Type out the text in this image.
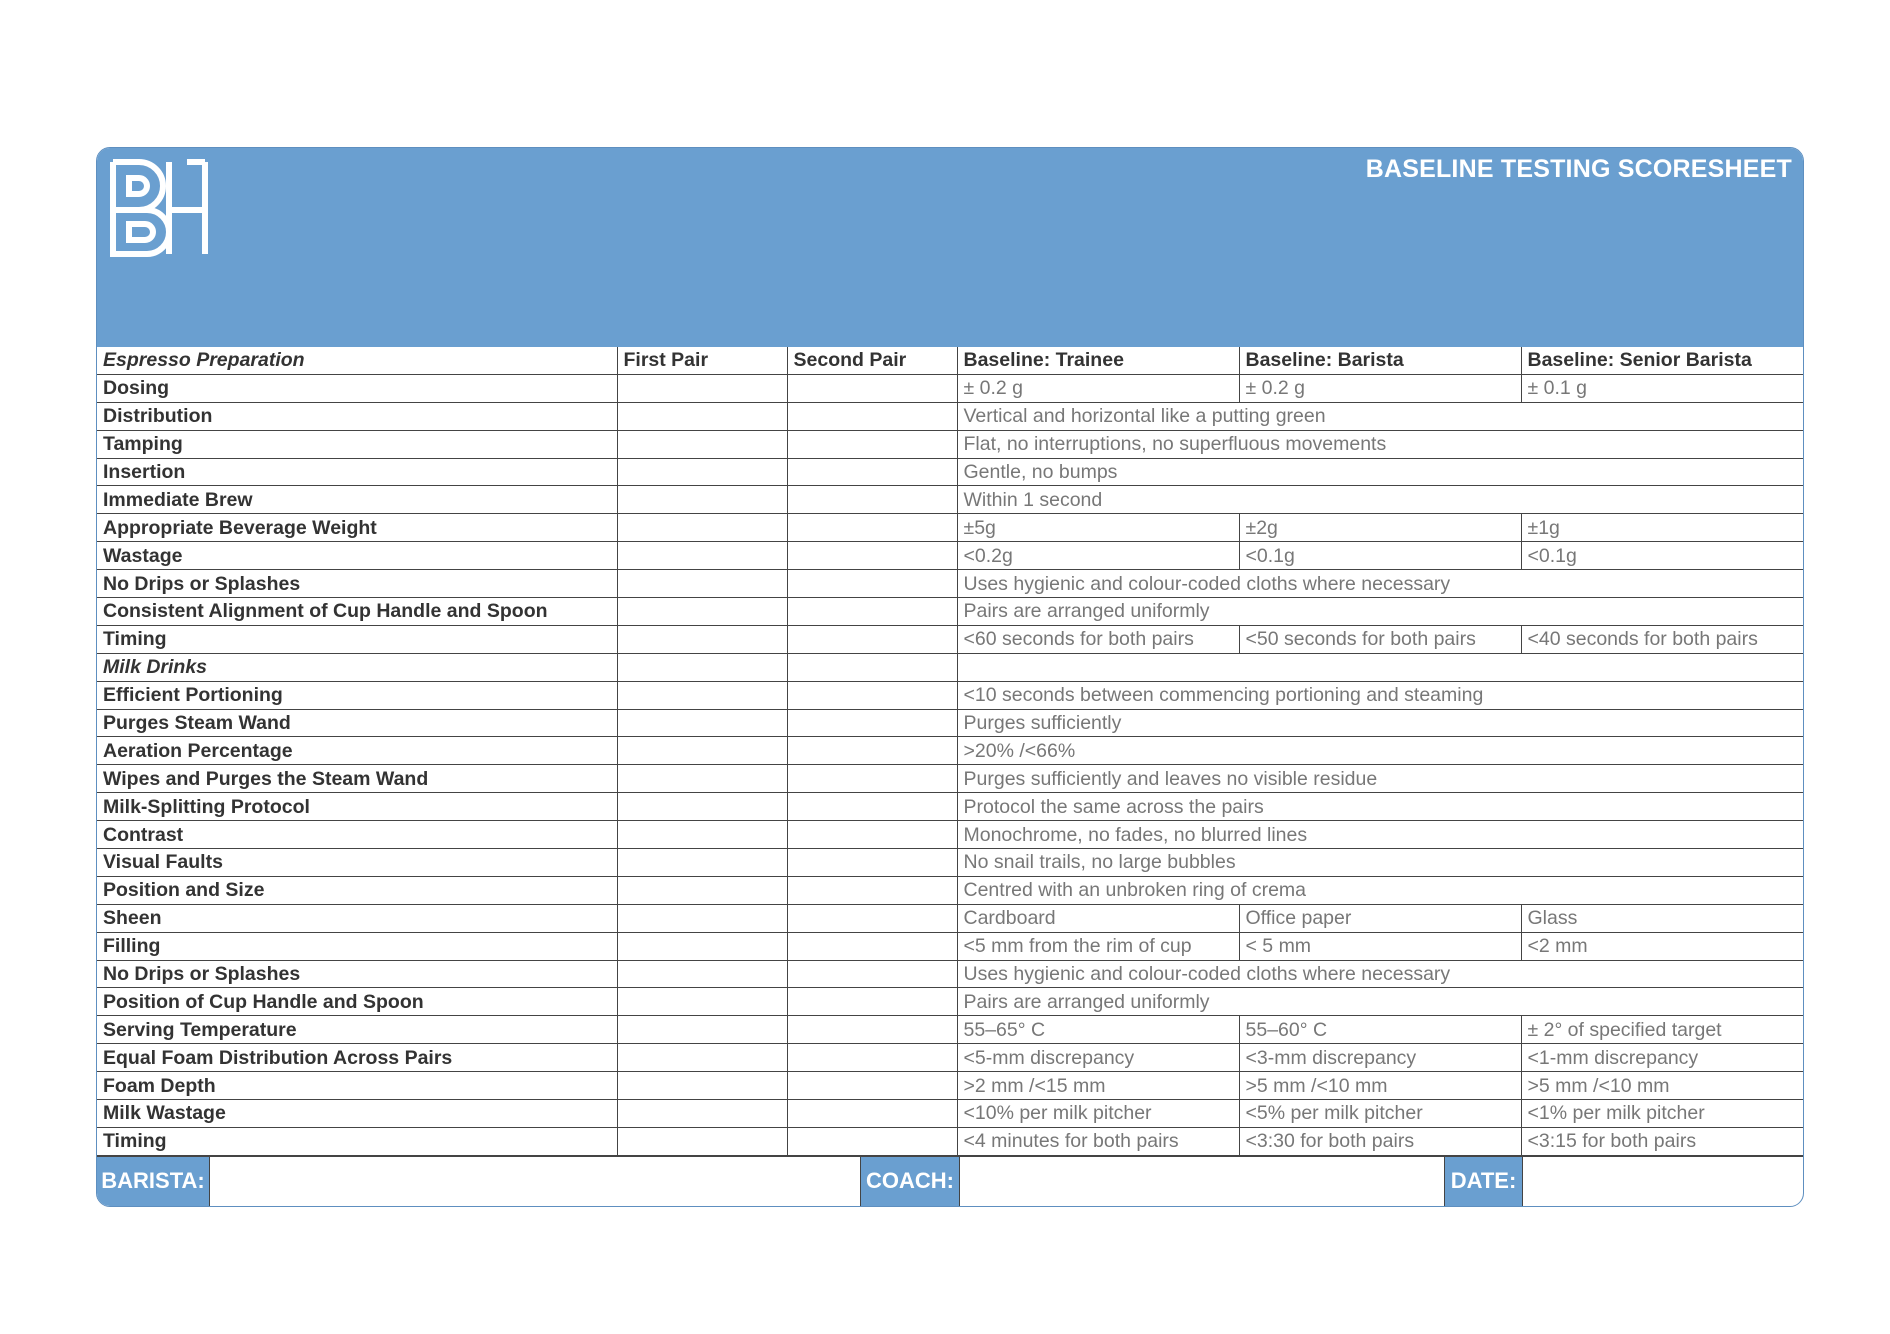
BASELINE TESTING SCORESHEET
Espresso Preparation	First Pair	Second Pair	Baseline: Trainee	Baseline: Barista	Baseline: Senior Barista
Dosing			± 0.2 g	± 0.2 g	± 0.1 g
Distribution			Vertical and horizontal like a putting green		
Tamping			Flat, no interruptions, no superfluous movements		
Insertion			Gentle, no bumps		
Immediate Brew			Within 1 second		
Appropriate Beverage Weight			±5g	±2g	±1g
Wastage			<0.2g	<0.1g	<0.1g
No Drips or Splashes			Uses hygienic and colour-coded cloths where necessary		
Consistent Alignment of Cup Handle and Spoon			Pairs are arranged uniformly		
Timing			<60 seconds for both pairs	<50 seconds for both pairs	<40 seconds for both pairs
Milk Drinks					
Efficient Portioning			<10 seconds between commencing portioning and steaming		
Purges Steam Wand			Purges sufficiently		
Aeration Percentage			>20% /<66%		
Wipes and Purges the Steam Wand			Purges sufficiently and leaves no visible residue		
Milk-Splitting Protocol			Protocol the same across the pairs		
Contrast			Monochrome, no fades, no blurred lines		
Visual Faults			No snail trails, no large bubbles		
Position and Size			Centred with an unbroken ring of crema		
Sheen			Cardboard	Office paper	Glass
Filling			<5 mm from the rim of cup	< 5 mm	<2 mm
No Drips or Splashes			Uses hygienic and colour-coded cloths where necessary		
Position of Cup Handle and Spoon			Pairs are arranged uniformly		
Serving Temperature			55–65° C	55–60° C	± 2° of specified target
Equal Foam Distribution Across Pairs			<5-mm discrepancy	<3-mm discrepancy	<1-mm discrepancy
Foam Depth			>2 mm /<15 mm	>5 mm /<10 mm	>5 mm /<10 mm
Milk Wastage			<10% per milk pitcher	<5% per milk pitcher	<1% per milk pitcher
Timing			<4 minutes for both pairs	<3:30 for both pairs	<3:15 for both pairs
BARISTA:	COACH:	DATE:
